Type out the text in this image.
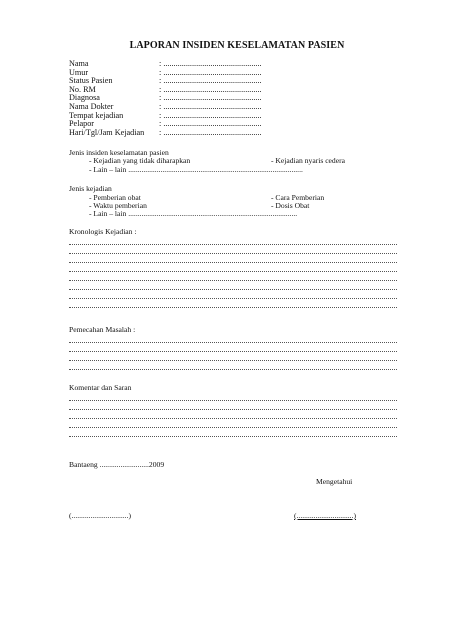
LAPORAN INSIDEN KESELAMATAN PASIEN
Nama	: ................................................
Umur	: ................................................
Status Pasien	: ................................................
No. RM	: ................................................
Diagnosa	: ................................................
Nama Dokter	: ................................................
Tempat kejadian	: ................................................
Pelapor	: ................................................
Hari/Tgl/Jam Kejadian	: ................................................
Jenis insiden keselamatan pasien
- Kejadian yang tidak diharapkan	- Kejadian nyaris cedera
- Lain – lain ............................................................................................
Jenis kejadian
- Pemberian obat	- Cara Pemberian
- Waktu pemberian	- Dosis Obat
- Lain – lain .........................................................................................
Kronologis Kejadian :
Pemecahan Masalah :
Komentar dan Saran
Bantaeng ..........................2009
Mengetahui
(..............................)	(..............................)
